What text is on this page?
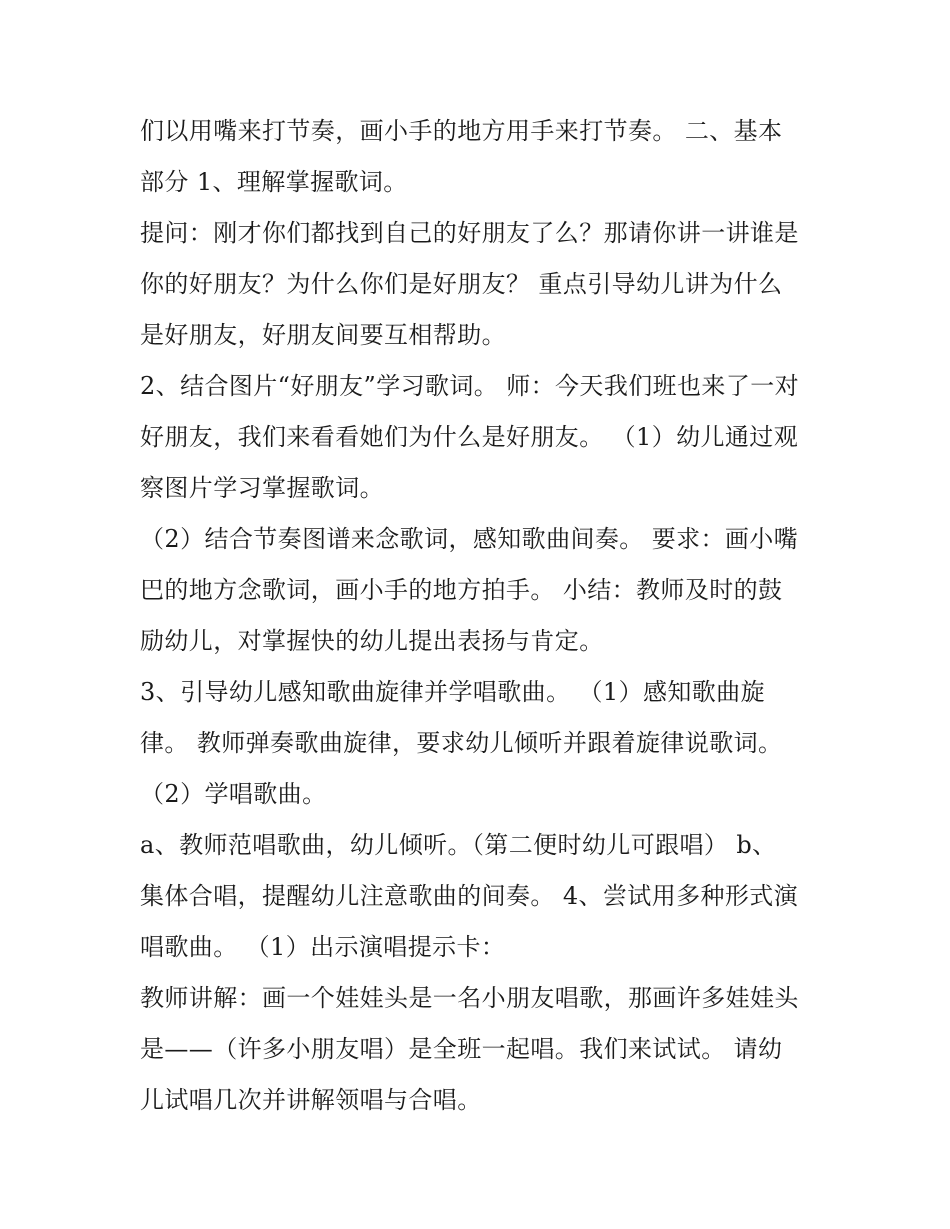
们以用嘴来打节奏，画小手的地方用手来打节奏。 二、基本
部分 1、理解掌握歌词。
提问：刚才你们都找到自己的好朋友了么？那请你讲一讲谁是
你的好朋友？为什么你们是好朋友？ 重点引导幼儿讲为什么
是好朋友，好朋友间要互相帮助。
2、结合图片“好朋友”学习歌词。 师：今天我们班也来了一对
好朋友，我们来看看她们为什么是好朋友。 （1）幼儿通过观
察图片学习掌握歌词。
（2）结合节奏图谱来念歌词，感知歌曲间奏。 要求：画小嘴
巴的地方念歌词，画小手的地方拍手。 小结：教师及时的鼓
励幼儿，对掌握快的幼儿提出表扬与肯定。
3、引导幼儿感知歌曲旋律并学唱歌曲。 （1）感知歌曲旋
律。 教师弹奏歌曲旋律，要求幼儿倾听并跟着旋律说歌词。
（2）学唱歌曲。
a、教师范唱歌曲，幼儿倾听。（第二便时幼儿可跟唱） b、
集体合唱，提醒幼儿注意歌曲的间奏。 4、尝试用多种形式演
唱歌曲。 （1）出示演唱提示卡：
教师讲解：画一个娃娃头是一名小朋友唱歌，那画许多娃娃头
是——（许多小朋友唱）是全班一起唱。我们来试试。 请幼
儿试唱几次并讲解领唱与合唱。
